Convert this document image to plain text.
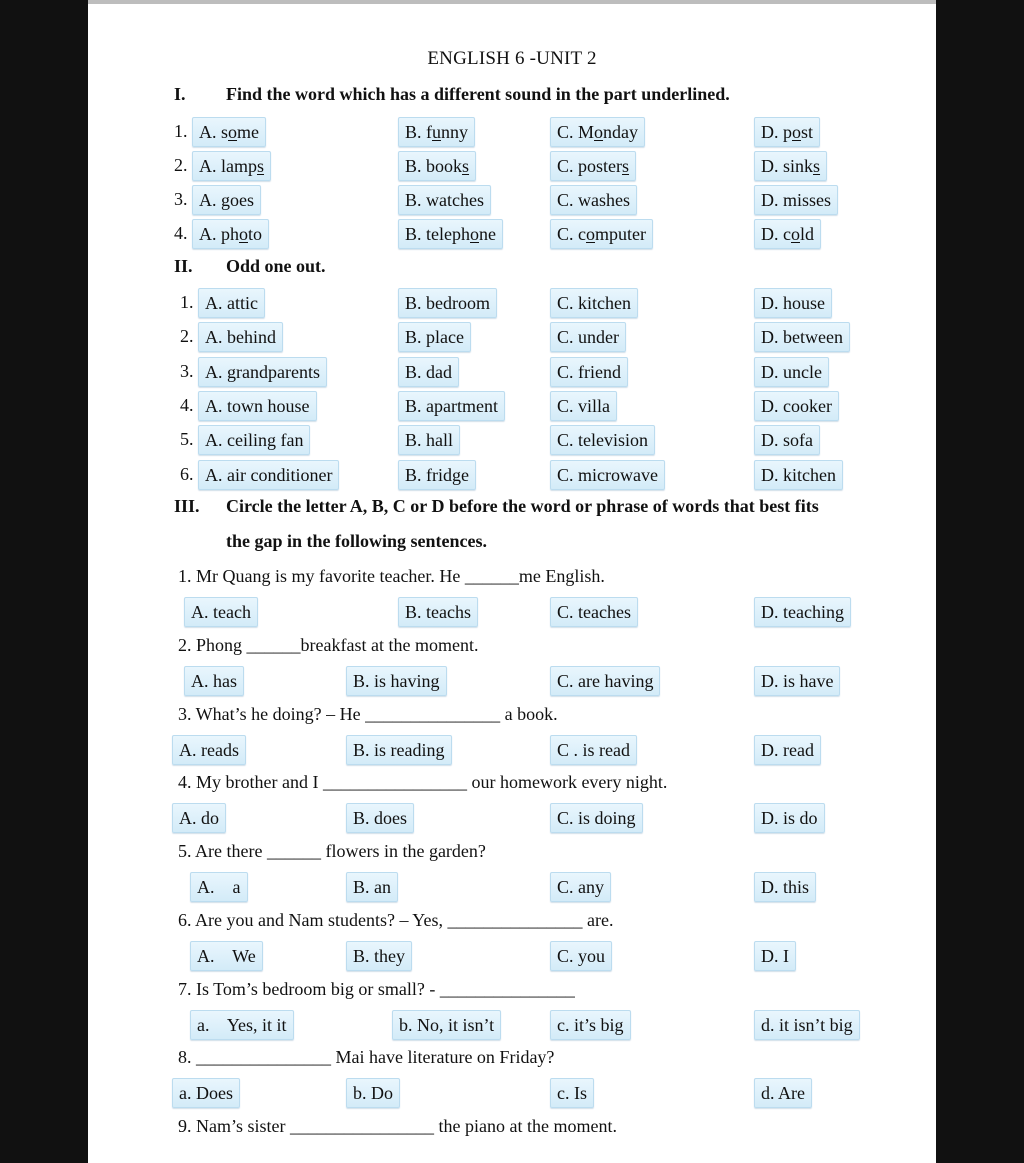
ENGLISH 6 -UNIT 2
I. Find the word which has a different sound in the part underlined.
1. A. some	B. funny	C. Monday	D. post
2. A. lamps	B. books	C. posters	D. sinks
3. A. goes	B. watches	C. washes	D. misses
4. A. photo	B. telephone	C. computer	D. cold
II. Odd one out.
1. A. attic	B. bedroom	C. kitchen	D. house
2. A. behind	B. place	C. under	D. between
3. A. grandparents	B. dad	C. friend	D. uncle
4. A. town house	B. apartment	C. villa	D. cooker
5. A. ceiling fan	B. hall	C. television	D. sofa
6. A. air conditioner	B. fridge	C. microwave	D. kitchen
III. Circle the letter A, B, C or D before the word or phrase of words that best fits
the gap in the following sentences.
1. Mr Quang is my favorite teacher. He ______me English.
A. teach	B. teachs	C. teaches	D. teaching
2. Phong ______breakfast at the moment.
A. has	B. is having	C. are having	D. is have
3. What’s he doing? – He _______________ a book.
A. reads	B. is reading	C . is read	D. read
4. My brother and I ________________ our homework every night.
A. do	B. does	C. is doing	D. is do
5. Are there ______ flowers in the garden?
A.    a	B. an	C. any	D. this
6. Are you and Nam students? – Yes, _______________ are.
A.    We	B. they	C. you	D. I
7. Is Tom’s bedroom big or small? - _______________
a.    Yes, it it	b. No, it isn’t	c. it’s big	d. it isn’t big
8. _______________ Mai have literature on Friday?
a. Does	b. Do	c. Is	d. Are
9. Nam’s sister ________________ the piano at the moment.
